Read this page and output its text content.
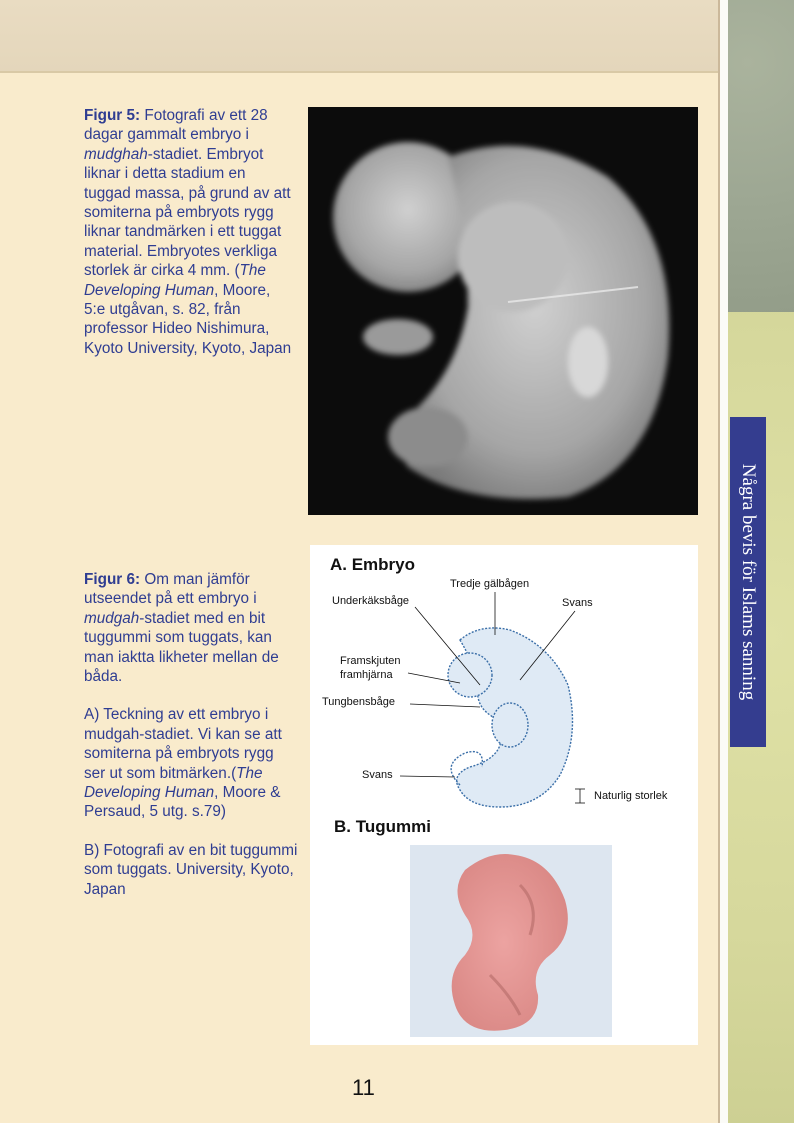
Några bevis för Islams sanning
Figur 5: Fotografi av ett 28 dagar gammalt embryo i mudghah-stadiet. Embryot liknar i detta stadium en tuggad massa, på grund av att somiterna på embryots rygg liknar tandmärken i ett tuggat material. Embryotes verkliga storlek är cirka 4 mm. (The Developing Human, Moore, 5:e utgåvan, s. 82, från professor Hideo Nishimura, Kyoto University, Kyoto, Japan

Figur 6: Om man jämför utseendet på ett embryo i mudgah-stadiet med en bit tuggummi som tuggats, kan man iaktta likheter mellan de båda.

A) Teckning av ett embryo i mudgah-stadiet. Vi kan se att somiterna på embryots rygg ser ut som bitmärken.(The Developing Human, Moore & Persaud, 5 utg. s.79)

B) Fotografi av en bit tuggummi som tuggats. University, Kyoto, Japan

A. Embryo
Tredje gälbågen
Underkäksbåge	Svans
Framskjuten
framhjärna
Tungbensbåge
Svans
Naturlig storlek
B. Tugummi
11
